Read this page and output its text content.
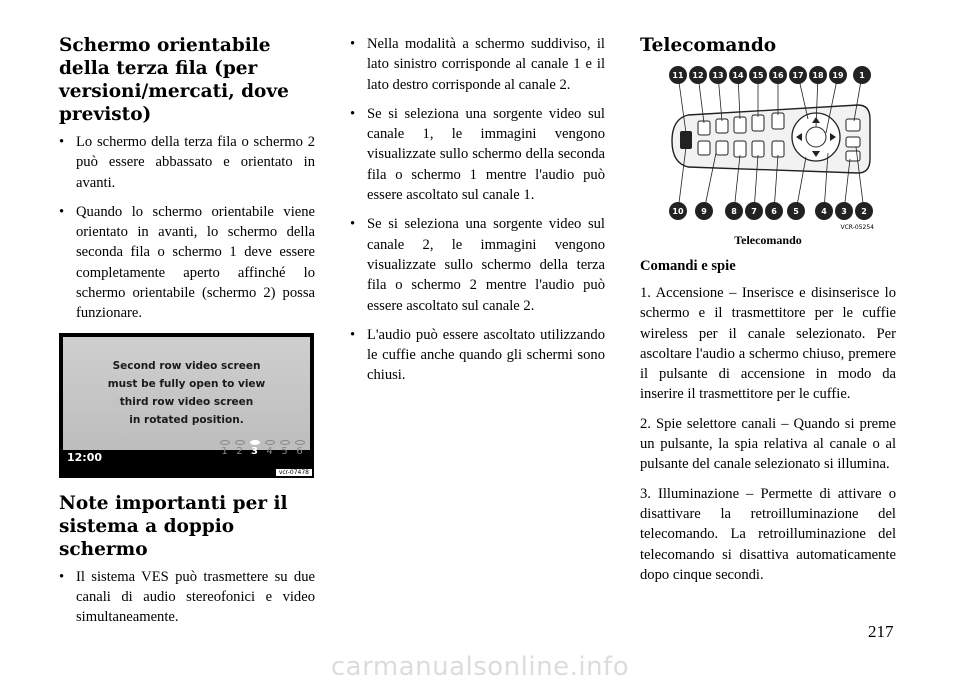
Schermo orientabile della terza fila (per versioni/mercati, dove previsto)
• Lo schermo della terza fila o schermo 2 può essere abbassato e orientato in avanti.
• Quando lo schermo orientabile viene orientato in avanti, lo schermo della seconda fila o schermo 1 deve essere completamente aperto affinché lo schermo orientabile (schermo 2) possa funzionare.
Second row video screen
must be fully open to view
third row video screen
in rotated position.
12:00	1 2 3 4 5 6
vcr-07478
Note importanti per il sistema a doppio schermo
• Il sistema VES può trasmettere su due canali di audio stereofonici e video simultaneamente.
• Nella modalità a schermo suddiviso, il lato sinistro corrisponde al canale 1 e il lato destro corrisponde al canale 2.
• Se si seleziona una sorgente video sul canale 1, le immagini vengono visualizzate sullo schermo della seconda fila o schermo 1 mentre l'audio può essere ascoltato sul canale 1.
• Se si seleziona una sorgente video sul canale 2, le immagini vengono visualizzate sullo schermo della terza fila o schermo 2 mentre l'audio può essere ascoltato sul canale 2.
• L'audio può essere ascoltato utilizzando le cuffie anche quando gli schermi sono chiusi.
Telecomando
11 12 13 14 15 16 17 18 19 1
10 9	8 7 6 5	4 3 2
VCR-05254
Telecomando
Comandi e spie

1. Accensione – Inserisce e disinserisce lo schermo e il trasmettitore per le cuffie wireless per il canale selezionato. Per ascoltare l'audio a schermo chiuso, premere il pulsante di accensione in modo da inserire il trasmettitore per le cuffie.

2. Spie selettore canali – Quando si preme un pulsante, la spia relativa al canale o al pulsante del canale selezionato si illumina.

3. Illuminazione – Permette di attivare o disattivare la retroilluminazione del telecomando. La retroilluminazione del telecomando si disattiva automaticamente dopo cinque secondi.

217
carmanualsonline.info
